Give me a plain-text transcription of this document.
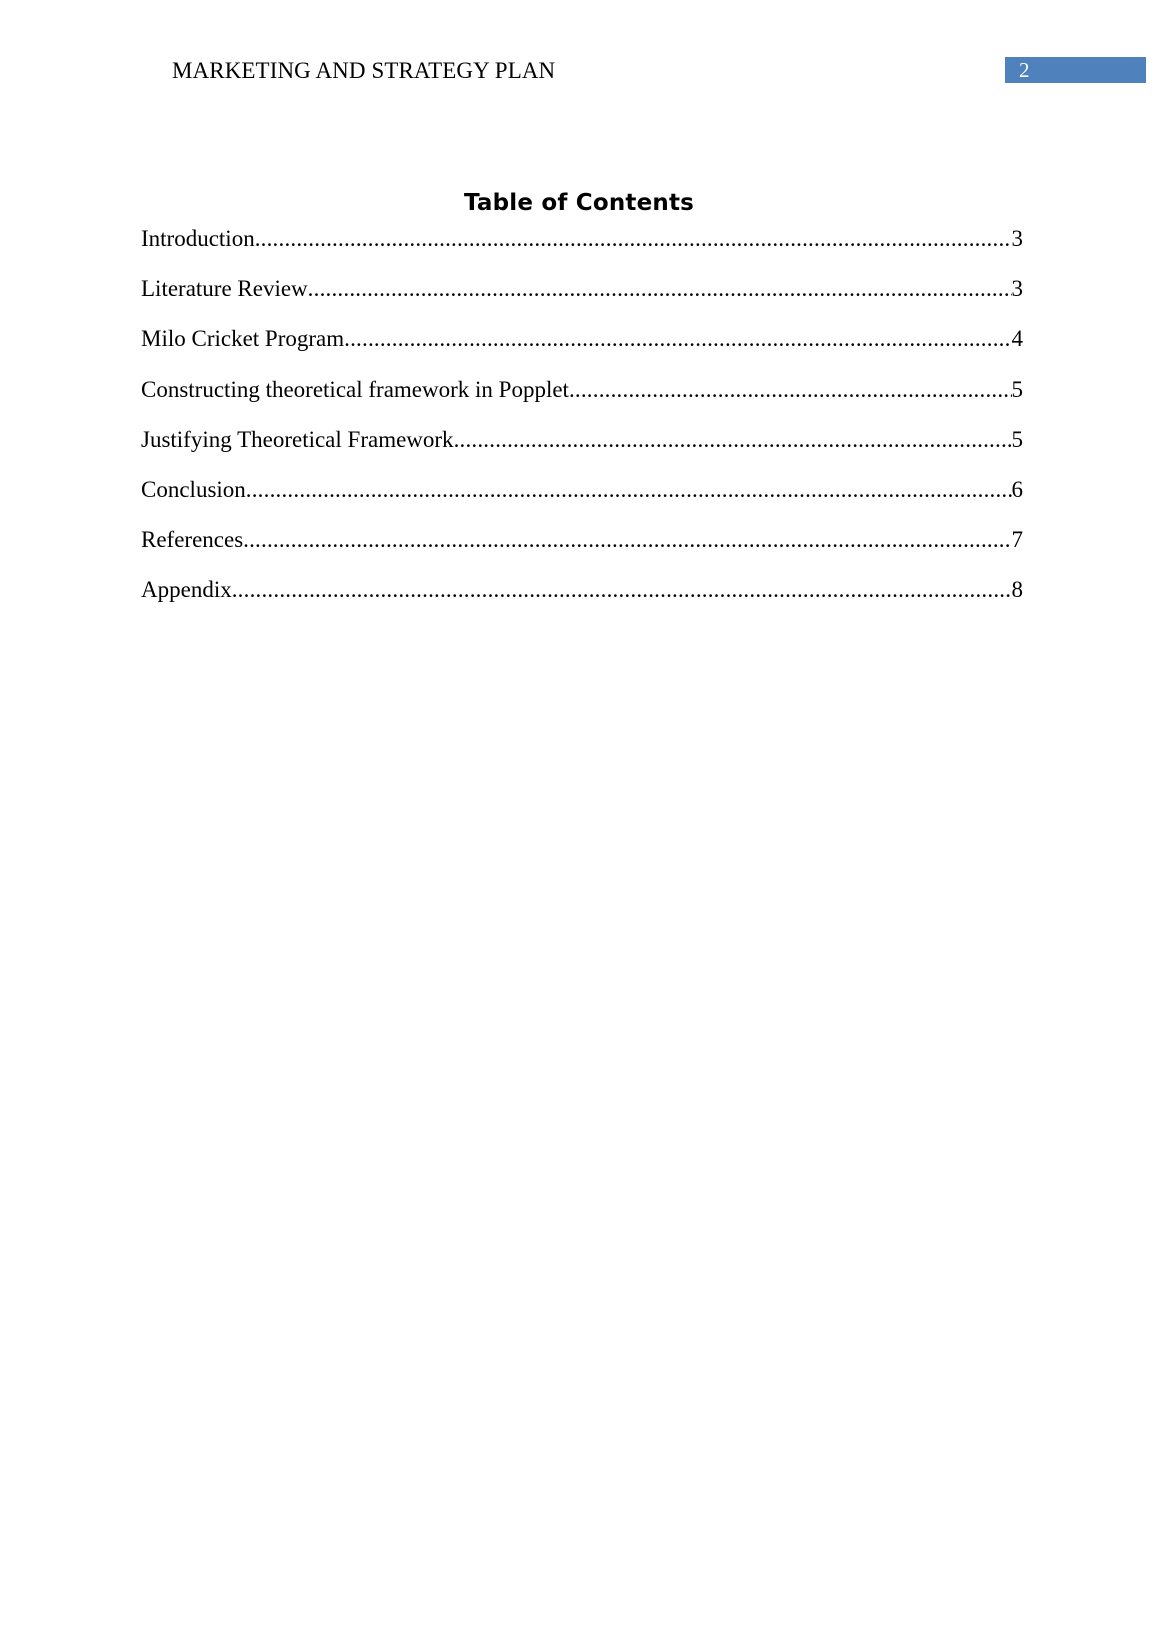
MARKETING AND STRATEGY PLAN	2
Table of Contents
Introduction .....	3
Literature Review .....	3
Milo Cricket Program .....	4
Constructing theoretical framework in Popplet .....	5
Justifying Theoretical Framework .....	5
Conclusion .....	6
References .....	7
Appendix .....	8
